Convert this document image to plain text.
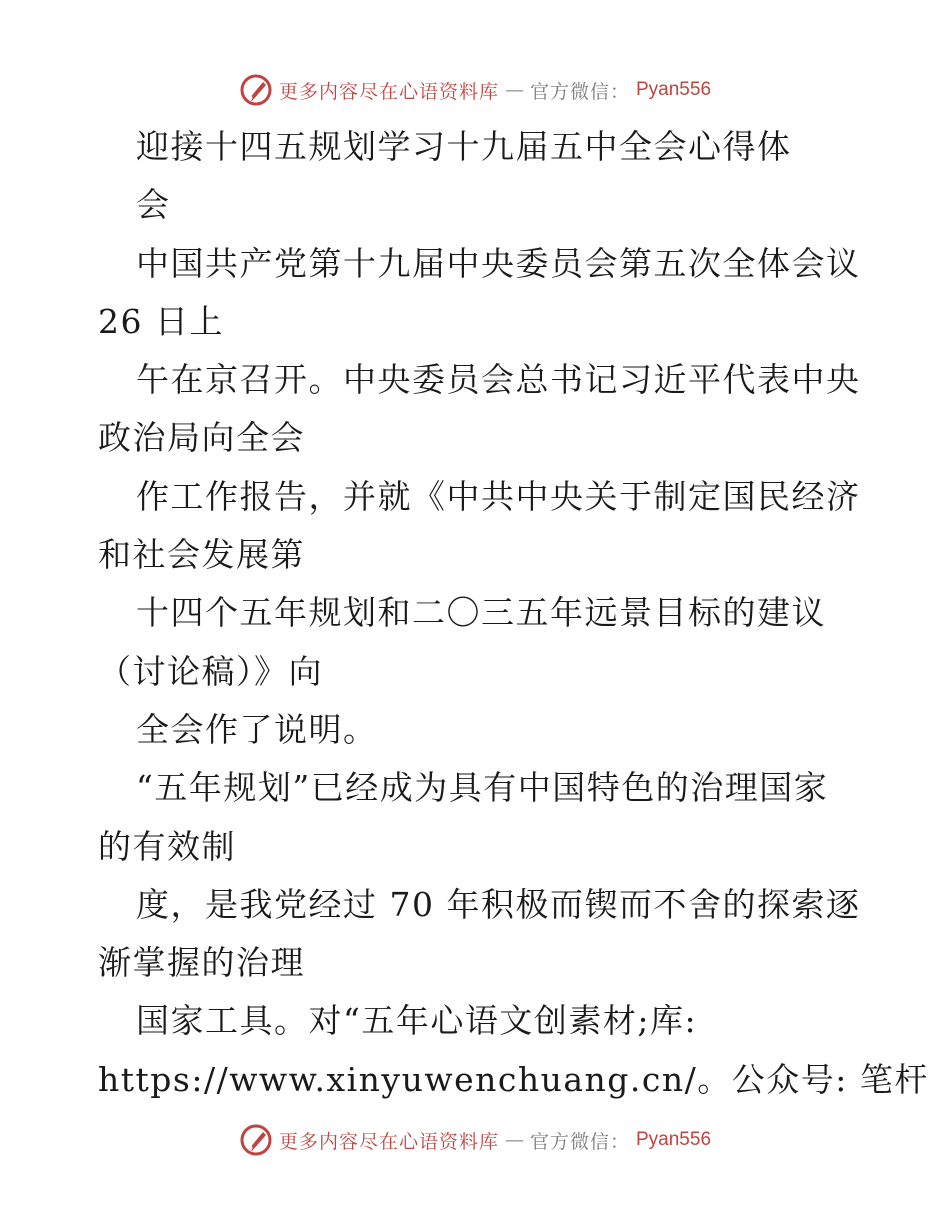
更多内容尽在心语资料库 — 官方微信： Pyan556
迎接十四五规划学习十九届五中全会心得体
会
中国共产党第十九届中央委员会第五次全体会议
26 日上
午在京召开。中央委员会总书记习近平代表中央
政治局向全会
作工作报告，并就《中共中央关于制定国民经济
和社会发展第
十四个五年规划和二〇三五年远景目标的建议
（讨论稿）》向
全会作了说明。
“五年规划”已经成为具有中国特色的治理国家
的有效制
度，是我党经过 70 年积极而锲而不舍的探索逐
渐掌握的治理
国家工具。对“五年心语文创素材;库:
https://www.xinyuwenchuang.cn/。公众号: 笔杆
更多内容尽在心语资料库 — 官方微信： Pyan556
